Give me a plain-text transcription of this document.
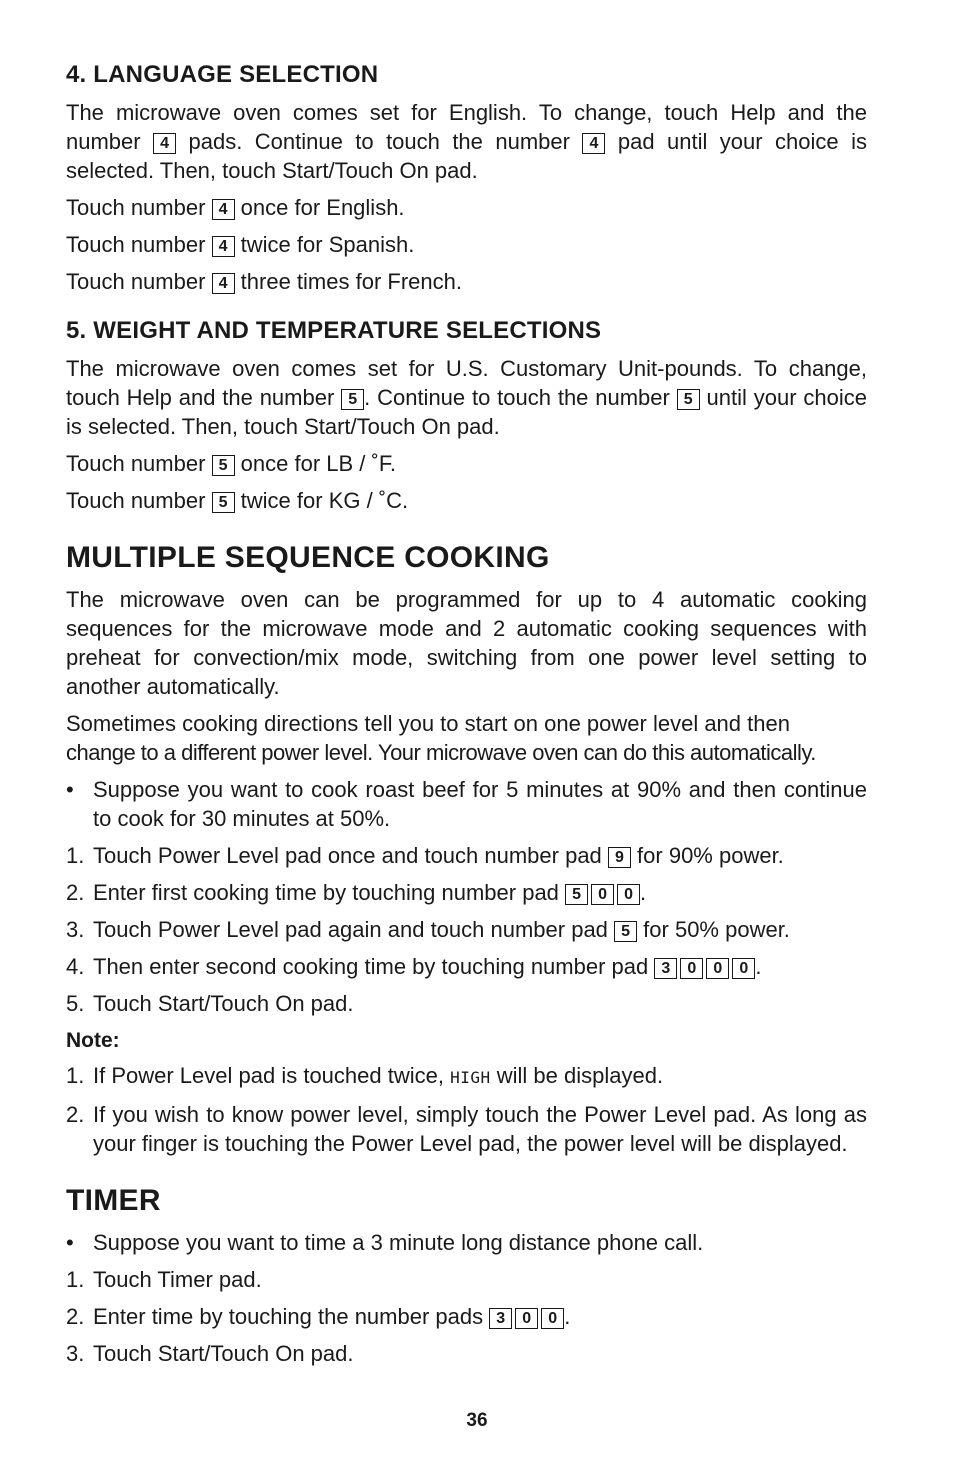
4. LANGUAGE SELECTION

The microwave oven comes set for English. To change, touch Help and the number 4 pads. Continue to touch the number 4 pad until your choice is selected. Then, touch Start/Touch On pad.

Touch number 4 once for English.

Touch number 4 twice for Spanish.

Touch number 4 three times for French.

5. WEIGHT AND TEMPERATURE SELECTIONS

The microwave oven comes set for U.S. Customary Unit-pounds. To change, touch Help and the number 5 . Continue to touch the number 5 until your choice is selected. Then, touch Start/Touch On pad.

Touch number 5 once for LB / ˚F.

Touch number 5 twice for KG / ˚C.

MULTIPLE SEQUENCE COOKING

The microwave oven can be programmed for up to 4 automatic cooking sequences for the microwave mode and 2 automatic cooking sequences with preheat for convection/mix mode, switching from one power level setting to another automatically.

Sometimes cooking directions tell you to start on one power level and then
change to a different power level. Your microwave oven can do this automatically.

• Suppose you want to cook roast beef for 5 minutes at 90% and then continue to cook for 30 minutes at 50%.
1. Touch Power Level pad once and touch number pad 9 for 90% power.
2. Enter first cooking time by touching number pad 5	0	0 .
3. Touch Power Level pad again and touch number pad 5 for 50% power.
4. Then enter second cooking time by touching number pad 3	0	0	0 .
5. Touch Start/Touch On pad.
Note:
1. If Power Level pad is touched twice, HIGH will be displayed.
2. If you wish to know power level, simply touch the Power Level pad. As long as your finger is touching the Power Level pad, the power level will be displayed.
TIMER
• Suppose you want to time a 3 minute long distance phone call.
1. Touch Timer pad.
2. Enter time by touching the number pads 3	0	0 .
3. Touch Start/Touch On pad.
36
